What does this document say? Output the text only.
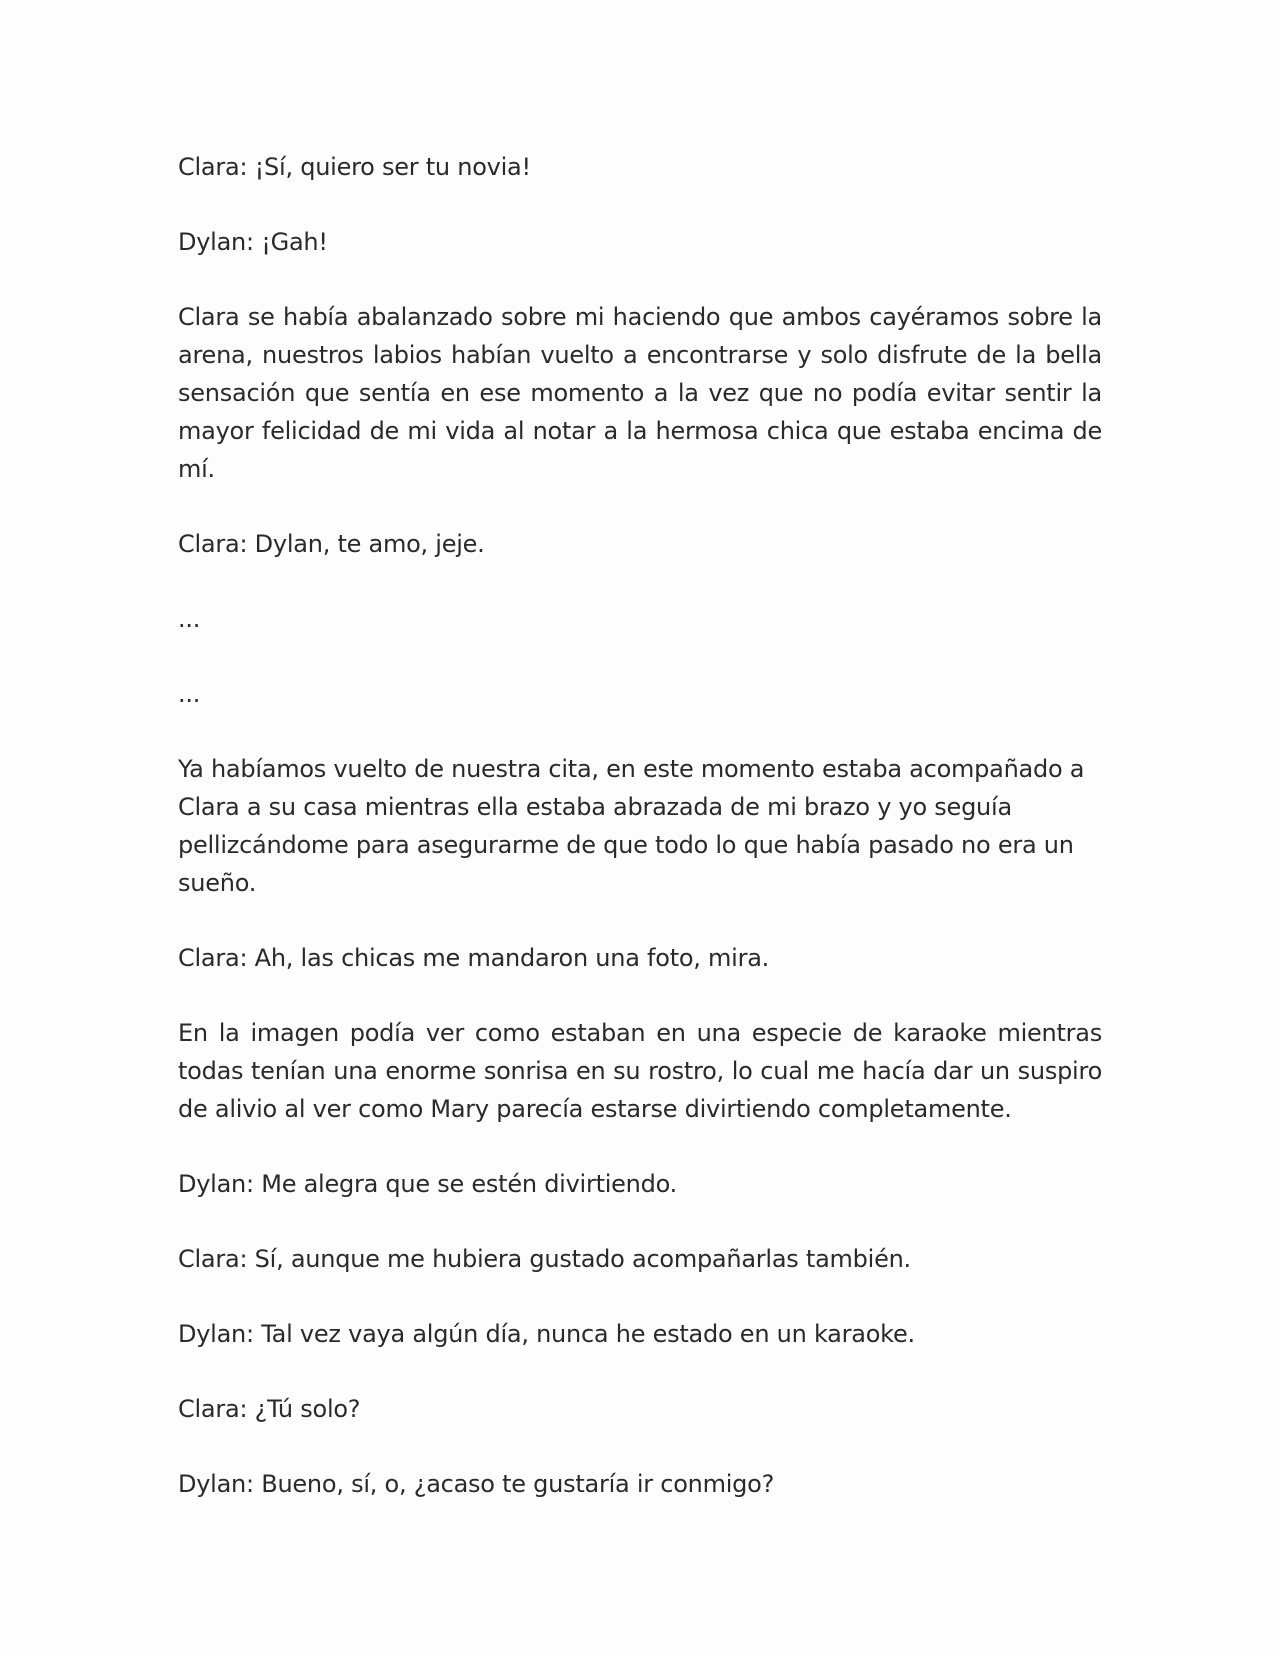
Clara: ¡Sí, quiero ser tu novia!

Dylan: ¡Gah!

Clara se había abalanzado sobre mi haciendo que ambos cayéramos sobre la arena, nuestros labios habían vuelto a encontrarse y solo disfrute de la bella sensación que sentía en ese momento a la vez que no podía evitar sentir la mayor felicidad de mi vida al notar a la hermosa chica que estaba encima de mí.

Clara: Dylan, te amo, jeje.

...

...

Ya habíamos vuelto de nuestra cita, en este momento estaba acompañado a Clara a su casa mientras ella estaba abrazada de mi brazo y yo seguía pellizcándome para asegurarme de que todo lo que había pasado no era un sueño.

Clara: Ah, las chicas me mandaron una foto, mira.

En la imagen podía ver como estaban en una especie de karaoke mientras todas tenían una enorme sonrisa en su rostro, lo cual me hacía dar un suspiro de alivio al ver como Mary parecía estarse divirtiendo completamente.

Dylan: Me alegra que se estén divirtiendo.

Clara: Sí, aunque me hubiera gustado acompañarlas también.

Dylan: Tal vez vaya algún día, nunca he estado en un karaoke.

Clara: ¿Tú solo?

Dylan: Bueno, sí, o, ¿acaso te gustaría ir conmigo?
